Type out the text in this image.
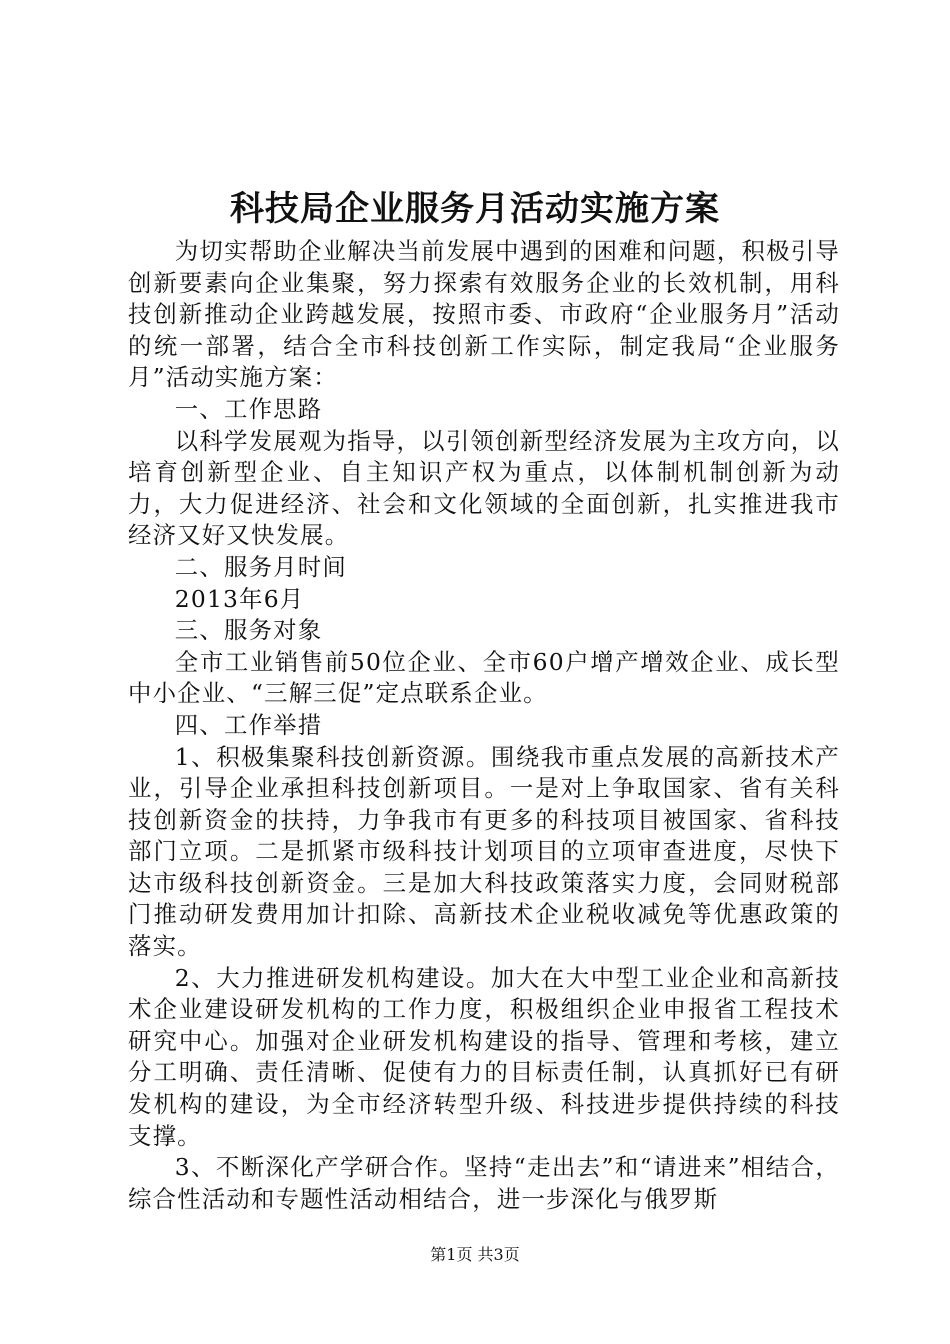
科技局企业服务月活动实施方案

为切实帮助企业解决当前发展中遇到的困难和问题，积极引导创新要素向企业集聚，努力探索有效服务企业的长效机制，用科技创新推动企业跨越发展，按照市委、市政府“企业服务月”活动的统一部署，结合全市科技创新工作实际，制定我局“企业服务月”活动实施方案：

一、工作思路

以科学发展观为指导，以引领创新型经济发展为主攻方向，以培育创新型企业、自主知识产权为重点，以体制机制创新为动力，大力促进经济、社会和文化领域的全面创新，扎实推进我市经济又好又快发展。

二、服务月时间

2013年6月

三、服务对象

全市工业销售前50位企业、全市60户增产增效企业、成长型中小企业、“三解三促”定点联系企业。

四、工作举措

1、积极集聚科技创新资源。围绕我市重点发展的高新技术产业，引导企业承担科技创新项目。一是对上争取国家、省有关科技创新资金的扶持，力争我市有更多的科技项目被国家、省科技部门立项。二是抓紧市级科技计划项目的立项审查进度，尽快下达市级科技创新资金。三是加大科技政策落实力度，会同财税部门推动研发费用加计扣除、高新技术企业税收减免等优惠政策的落实。

2、大力推进研发机构建设。加大在大中型工业企业和高新技术企业建设研发机构的工作力度，积极组织企业申报省工程技术研究中心。加强对企业研发机构建设的指导、管理和考核，建立分工明确、责任清晰、促使有力的目标责任制，认真抓好已有研发机构的建设，为全市经济转型升级、科技进步提供持续的科技支撑。

3、不断深化产学研合作。坚持“走出去”和“请进来”相结合，综合性活动和专题性活动相结合，进一步深化与俄罗斯

第1页 共3页
